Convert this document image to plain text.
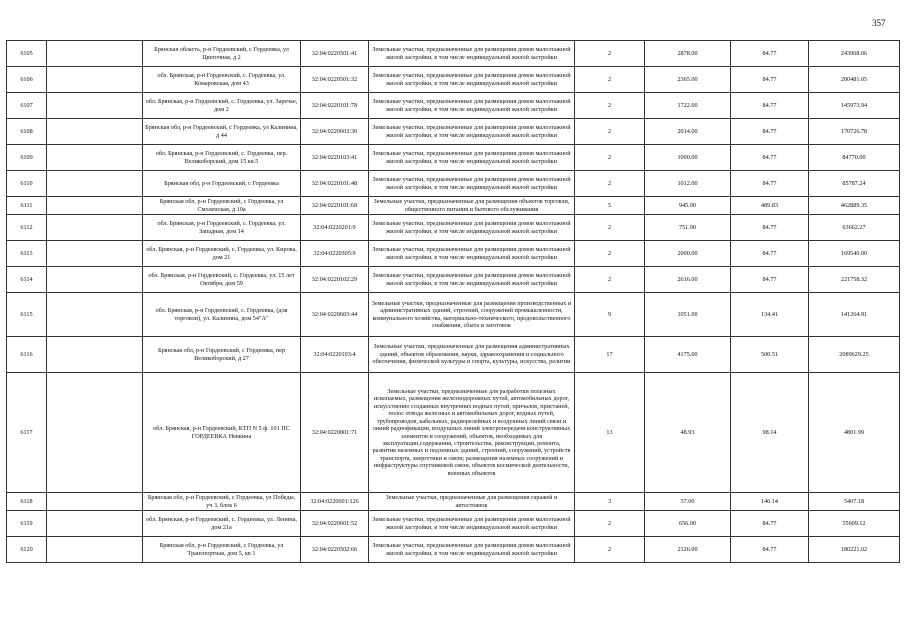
357
6105		Брянская область, р-н Гордеевский, с Гордеевка, ул Цветочная, д 2	32:04:0220501:41	Земельные участки, предназначенные для размещения домов малоэтажной жилой застройки, в том числе индивидуальной жилой застройки	2	2878.00	84.77	243968.06
6106		обл. Брянская, р-н Гордеевский, с. Гордеевка, ул. Комаровская, дом 43	32:04:0220501:32	Земельные участки, предназначенные для размещения домов малоэтажной жилой застройки, в том числе индивидуальной жилой застройки	2	2365.00	84.77	200481.05
6107		обл. Брянская, р-н Гордеевский, с. Гордеевка, ул. Заречье, дом 2	32:04:0220101:78	Земельные участки, предназначенные для размещения домов малоэтажной жилой застройки, в том числе индивидуальной жилой застройки	2	1722.00	84.77	145973.94
6108		Брянская обл, р-н Гордеевский, с Гордеевка, ул Калинина, д 44	32:04:0220603:30	Земельные участки, предназначенные для размещения домов малоэтажной жилой застройки, в том числе индивидуальной жилой застройки	2	2014.00	84.77	170726.78
6109		обл. Брянская, р-н Гордеевский, с. Гордеевка, пер. Великоборский, дом 15 кв.5	32:04:0220103:41	Земельные участки, предназначенные для размещения домов малоэтажной жилой застройки, в том числе индивидуальной жилой застройки	2	1000.00	84.77	84770.00
6110		Брянская обл, р-н Гордеевский, с Гордеевка	32:04:0220101:48	Земельные участки, предназначенные для размещения домов малоэтажной жилой застройки, в том числе индивидуальной жилой застройки	2	1012.00	84.77	85787.24
6111		Брянская обл, р-н Гордеевский, с Гордеевка, ул Смоленская, д 10а	32:04:0220101:68	Земельные участки, предназначенные для размещения объектов торговли, общественного питания и бытового обслуживания	5	945.00	489.83	462889.35
6112		обл. Брянская, р-н Гордеевский, с. Гордеевка, ул. Западная, дом 14	32:04:0220201:9	Земельные участки, предназначенные для размещения домов малоэтажной жилой застройки, в том числе индивидуальной жилой застройки	2	751.00	84.77	63662.27
6113		обл. Брянская, р-н Гордеевский, с. Гордеевка, ул. Кирова, дом 21	32:04:0220305:9	Земельные участки, предназначенные для размещения домов малоэтажной жилой застройки, в том числе индивидуальной жилой застройки	2	2000.00	84.77	169540.00
6114		обл. Брянская, р-н Гордеевский, с. Гордеевка, ул. 15 лет Октября, дом 59	32:04:0220102:29	Земельные участки, предназначенные для размещения домов малоэтажной жилой застройки, в том числе индивидуальной жилой застройки	2	2616.00	84.77	221758.32
6115		обл. Брянская, р-н Гордеевский, с. Гордеевка, (для торговли), ул. Калинина, дом 54"А"	32:04:0220603:44	Земельные участки, предназначенные для размещения производственных и административных зданий, строений, сооружений промышленности, коммунального хозяйства, материально-технического, продовольственного снабжения, сбыта и заготовок	9	1051.00	134.41	141264.91
6116		Брянская обл, р-н Гордеевский, с Гордеевка, пер Великоборский, д 27	32:04:0220103:4	Земельные участки, предназначенные для размещения административных зданий, объектов образования, науки, здравоохранения и социального обеспечения, физической культуры и спорта, культуры, искусства, религии	17	4175.00	500.51	2089629.25
6117		обл. Брянская, р-н Гордеевский, КТП N 5 ф. 101 ПС ГОРДЕЕВКА Невкина	32:04:0220801:71	Земельные участки, предназначенные для разработки полезных ископаемых, размещения железнодорожных путей, автомобильных дорог, искусственно созданных внутренних водных путей, причалов, пристаней, полос отвода железных и автомобильных дорог, водных путей, трубопроводов, кабельных, радиорелейных и воздушных линий связи и линий радиофикации, воздушных линий электропередачи конструктивных элементов и сооружений, объектов, необходимых для эксплуатации,содержания, строительства, реконструкции, ремонта, развития наземных и подземных зданий, строений, сооружений, устройств транспорта, энергетики и связи; размещения наземных сооружений и инфраструктуры спутниковой связи, объектов космической деятельности, военных объектов	13	48.93	98.14	4801.99
6118		Брянская обл, р-н Гордеевский, с Гордеевка, ул Победы, уч 3, блок 6	32:04:0220601:126	Земельные участки, предназначенные для размещения гаражей и автостоянок	3	37.00	146.14	5407.18
6119		обл. Брянская, р-н Гордеевский, с. Гордеевка, ул. Ленина, дом 21а	32:04:0220601:52	Земельные участки, предназначенные для размещения домов малоэтажной жилой застройки, в том числе индивидуальной жилой застройки	2	656.00	84.77	55609.12
6120		Брянская обл, р-н Гордеевский, с Гордеевка, ул Транспортная, дом 5, кв 1	32:04:0220502:66	Земельные участки, предназначенные для размещения домов малоэтажной жилой застройки, в том числе индивидуальной жилой застройки	2	2126.00	84.77	180221.02
